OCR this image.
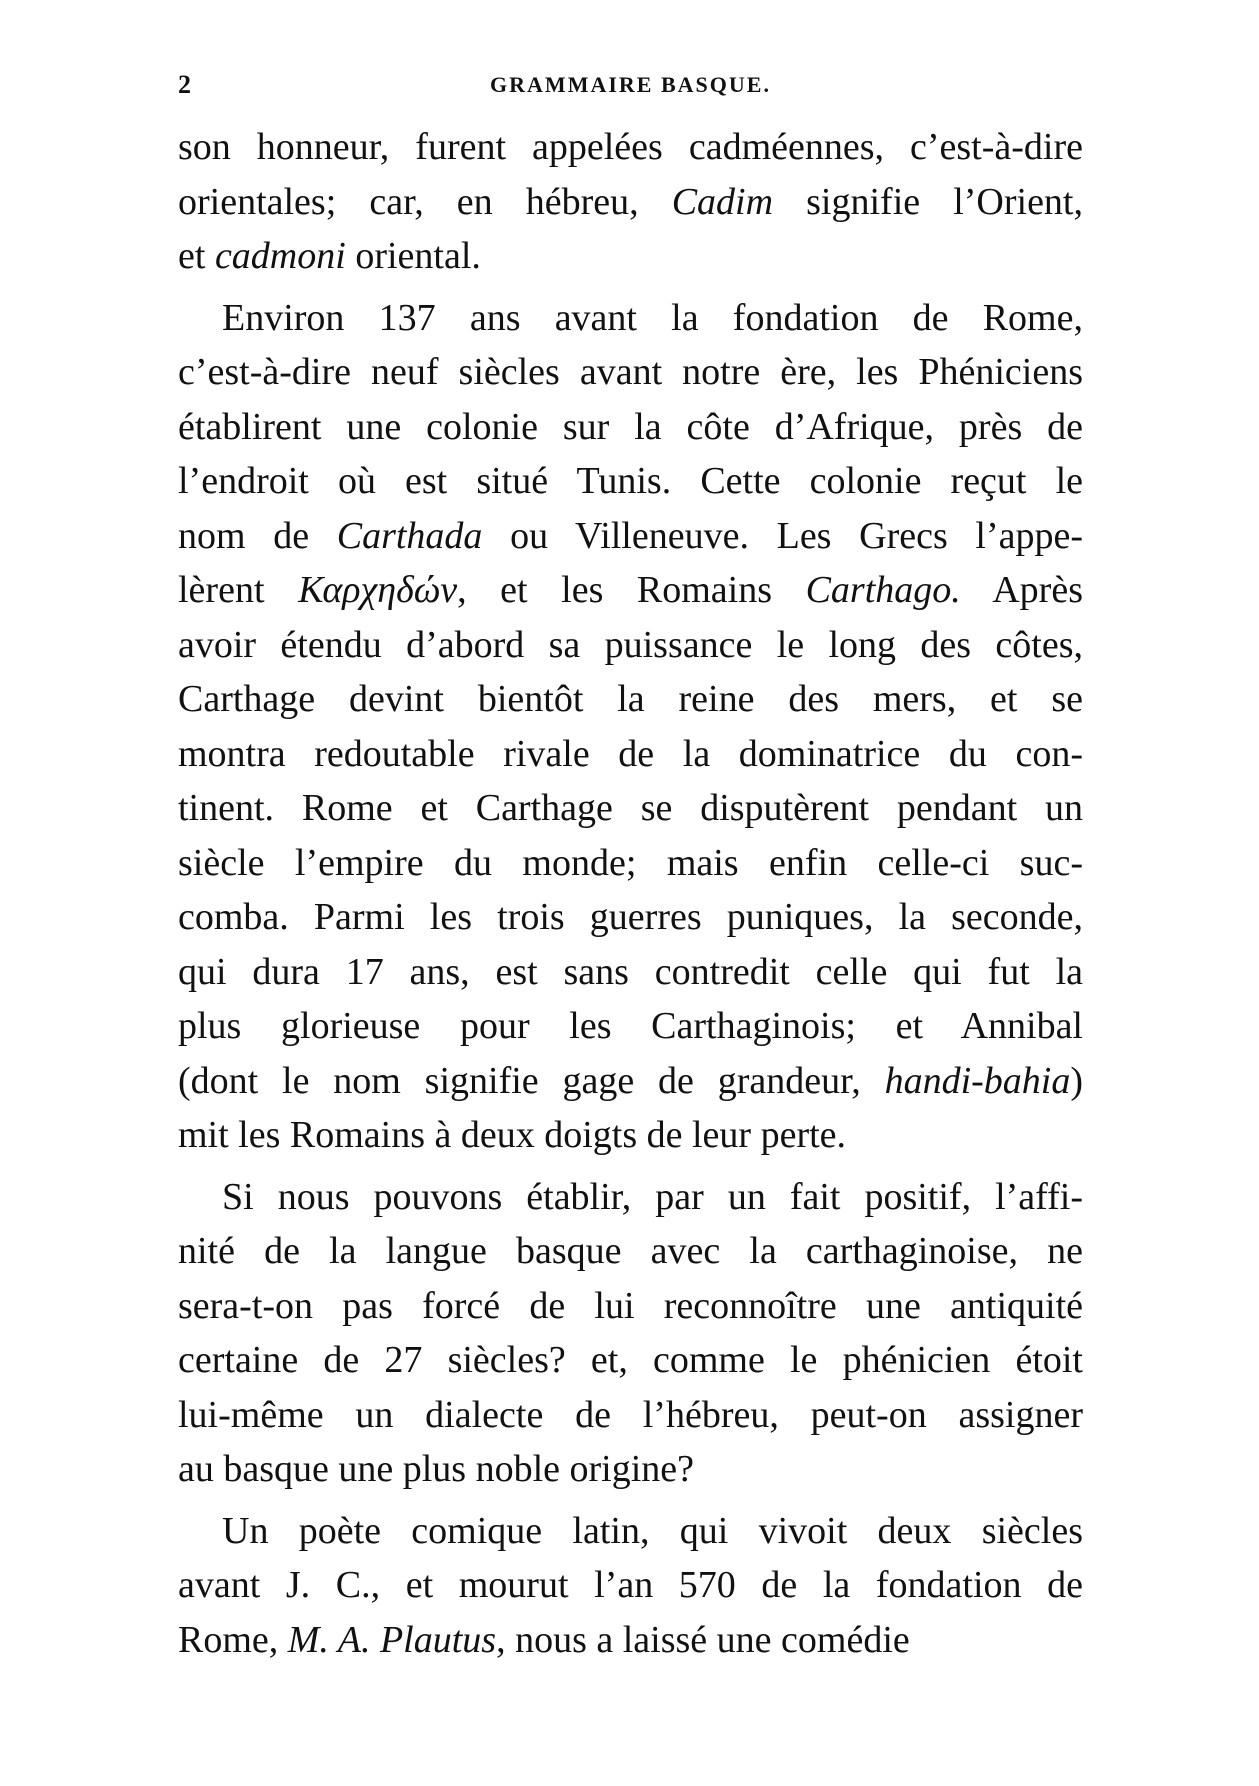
2	GRAMMAIRE BASQUE.
son honneur, furent appelées cadméennes, c’est-à-dire
orientales; car, en hébreu, Cadim signifie l’Orient,
et cadmoni oriental.
Environ 137 ans avant la fondation de Rome,
c’est-à-dire neuf siècles avant notre ère, les Phéniciens
établirent une colonie sur la côte d’Afrique, près de
l’endroit où est situé Tunis. Cette colonie reçut le
nom de Carthada ou Villeneuve. Les Grecs l’appe-
lèrent Καρχηδών, et les Romains Carthago. Après
avoir étendu d’abord sa puissance le long des côtes,
Carthage devint bientôt la reine des mers, et se
montra redoutable rivale de la dominatrice du con-
tinent. Rome et Carthage se disputèrent pendant un
siècle l’empire du monde; mais enfin celle-ci suc-
comba. Parmi les trois guerres puniques, la seconde,
qui dura 17 ans, est sans contredit celle qui fut la
plus glorieuse pour les Carthaginois; et Annibal
(dont le nom signifie gage de grandeur, handi-bahia)
mit les Romains à deux doigts de leur perte.
Si nous pouvons établir, par un fait positif, l’affi-
nité de la langue basque avec la carthaginoise, ne
sera-t-on pas forcé de lui reconnoître une antiquité
certaine de 27 siècles? et, comme le phénicien étoit
lui-même un dialecte de l’hébreu, peut-on assigner
au basque une plus noble origine?
Un poète comique latin, qui vivoit deux siècles
avant J. C., et mourut l’an 570 de la fondation de
Rome, M. A. Plautus, nous a laissé une comédie
